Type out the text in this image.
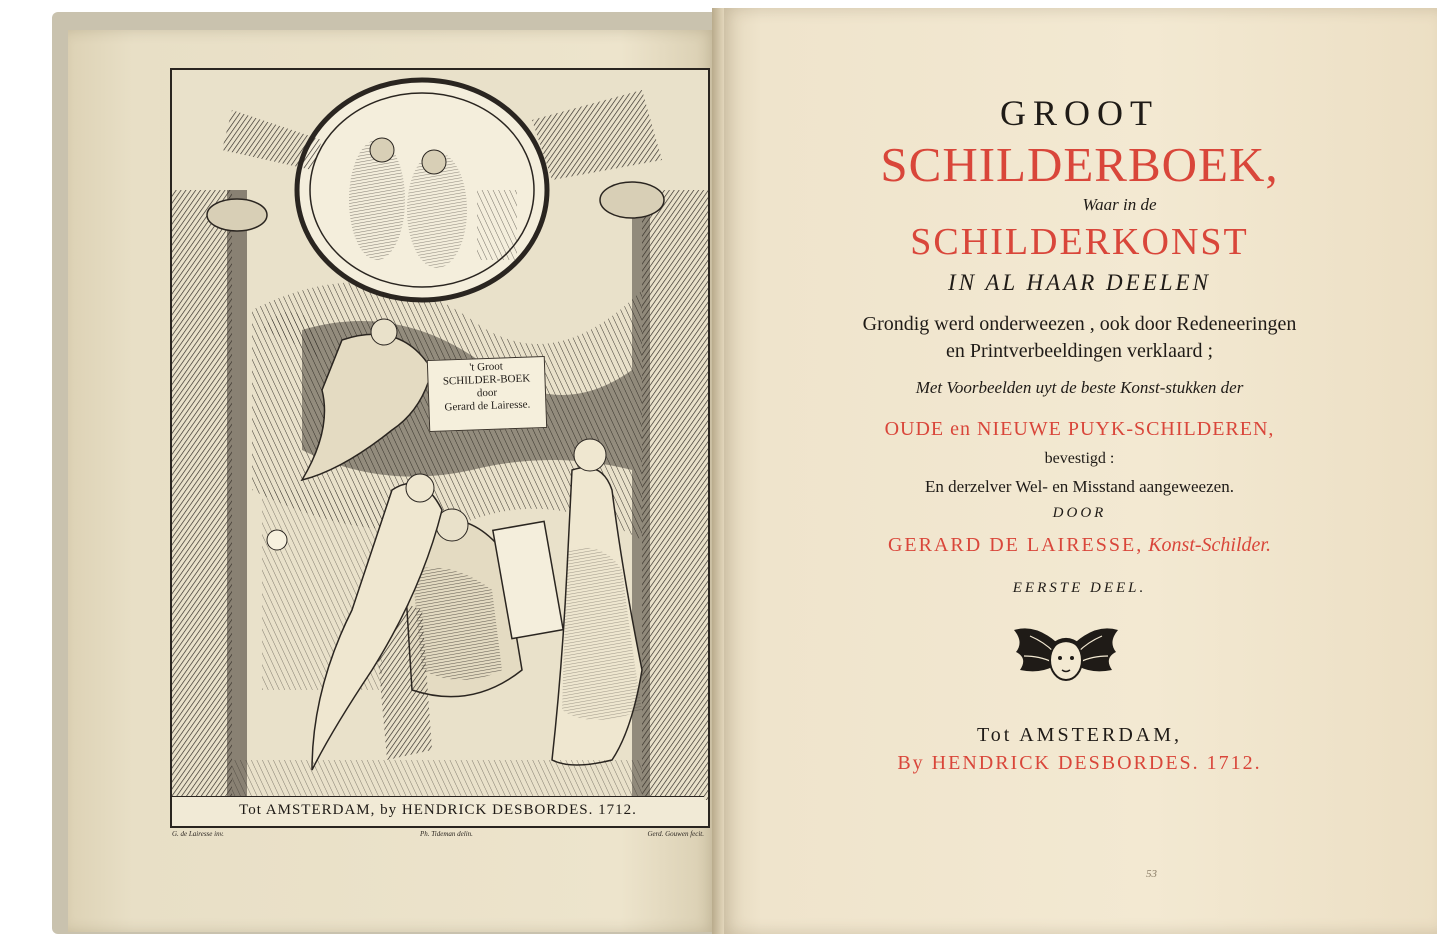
Tot AMSTERDAM, by HENDRICK DESBORDES. 1712.
't Groot
SCHILDER-BOEK
door
Gerard de Lairesse.
G. de Lairesse inv.	Ph. Tideman delin.	Gerd. Gouwen fecit.
GROOT
SCHILDERBOEK,
Waar in de
SCHILDERKONST
IN AL HAAR DEELEN
Grondig werd onderweezen , ook door Redeneeringen
en Printverbeeldingen verklaard ;
Met Voorbeelden uyt de beste Konst-stukken der
OUDE en NIEUWE PUYK-SCHILDEREN,
bevestigd :
En derzelver Wel- en Misstand aangeweezen.
DOOR
GERARD DE LAIRESSE, Konst-Schilder.
EERSTE DEEL.
Tot AMSTERDAM,
By HENDRICK DESBORDES. 1712.
53
